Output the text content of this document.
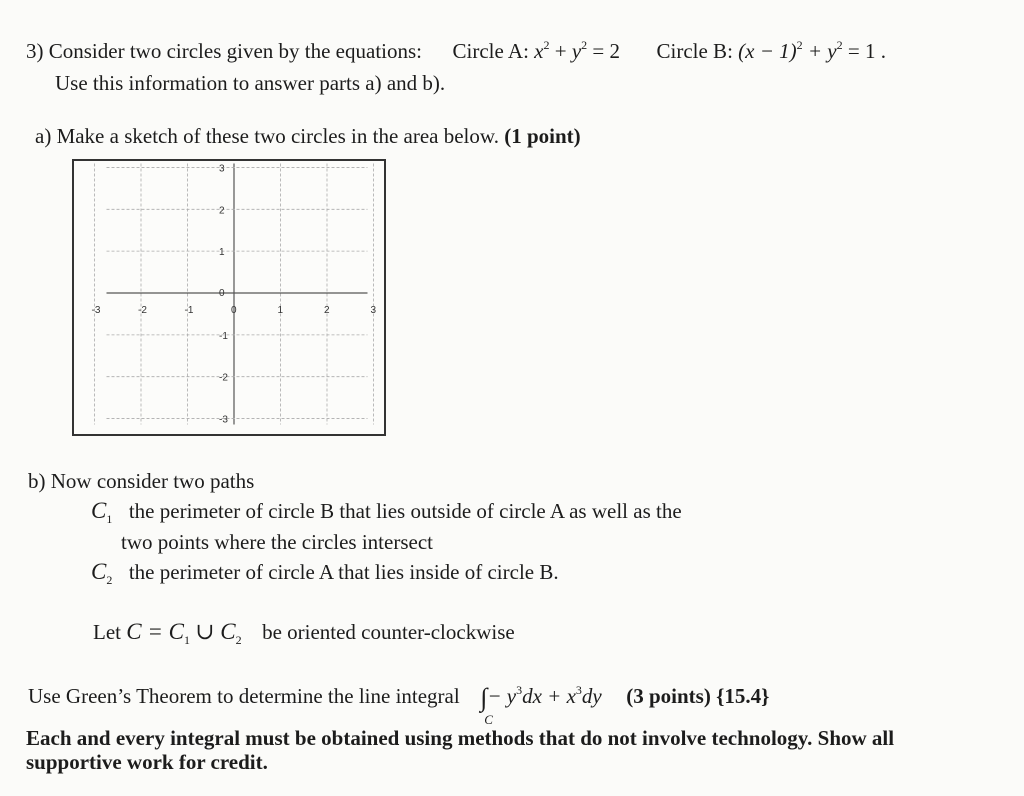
3) Consider two circles given by the equations: Circle A: $x^2 + y^2 = 2$ Circle B: $(x - 1)^2 + y^2 = 1$ .
Use this information to answer parts a) and b).
a) Make a sketch of these two circles in the area below. (1 point)
-3	-2	-1	0	1	2	3
3
2
1
0
-1
-2
-3
b) Now consider two paths
$C_1$ the perimeter of circle B that lies outside of circle A as well as the
two points where the circles intersect
$C_2$ the perimeter of circle A that lies inside of circle B.
Let $C = C_1$ ∪ $C_2$ be oriented counter-clockwise
Use Green’s Theorem to determine the line integral ∫− $y^3dx + x^3dy$
C
(3 points) {15.4}
Each and every integral must be obtained using methods that do not involve technology. Show all
supportive work for credit.
